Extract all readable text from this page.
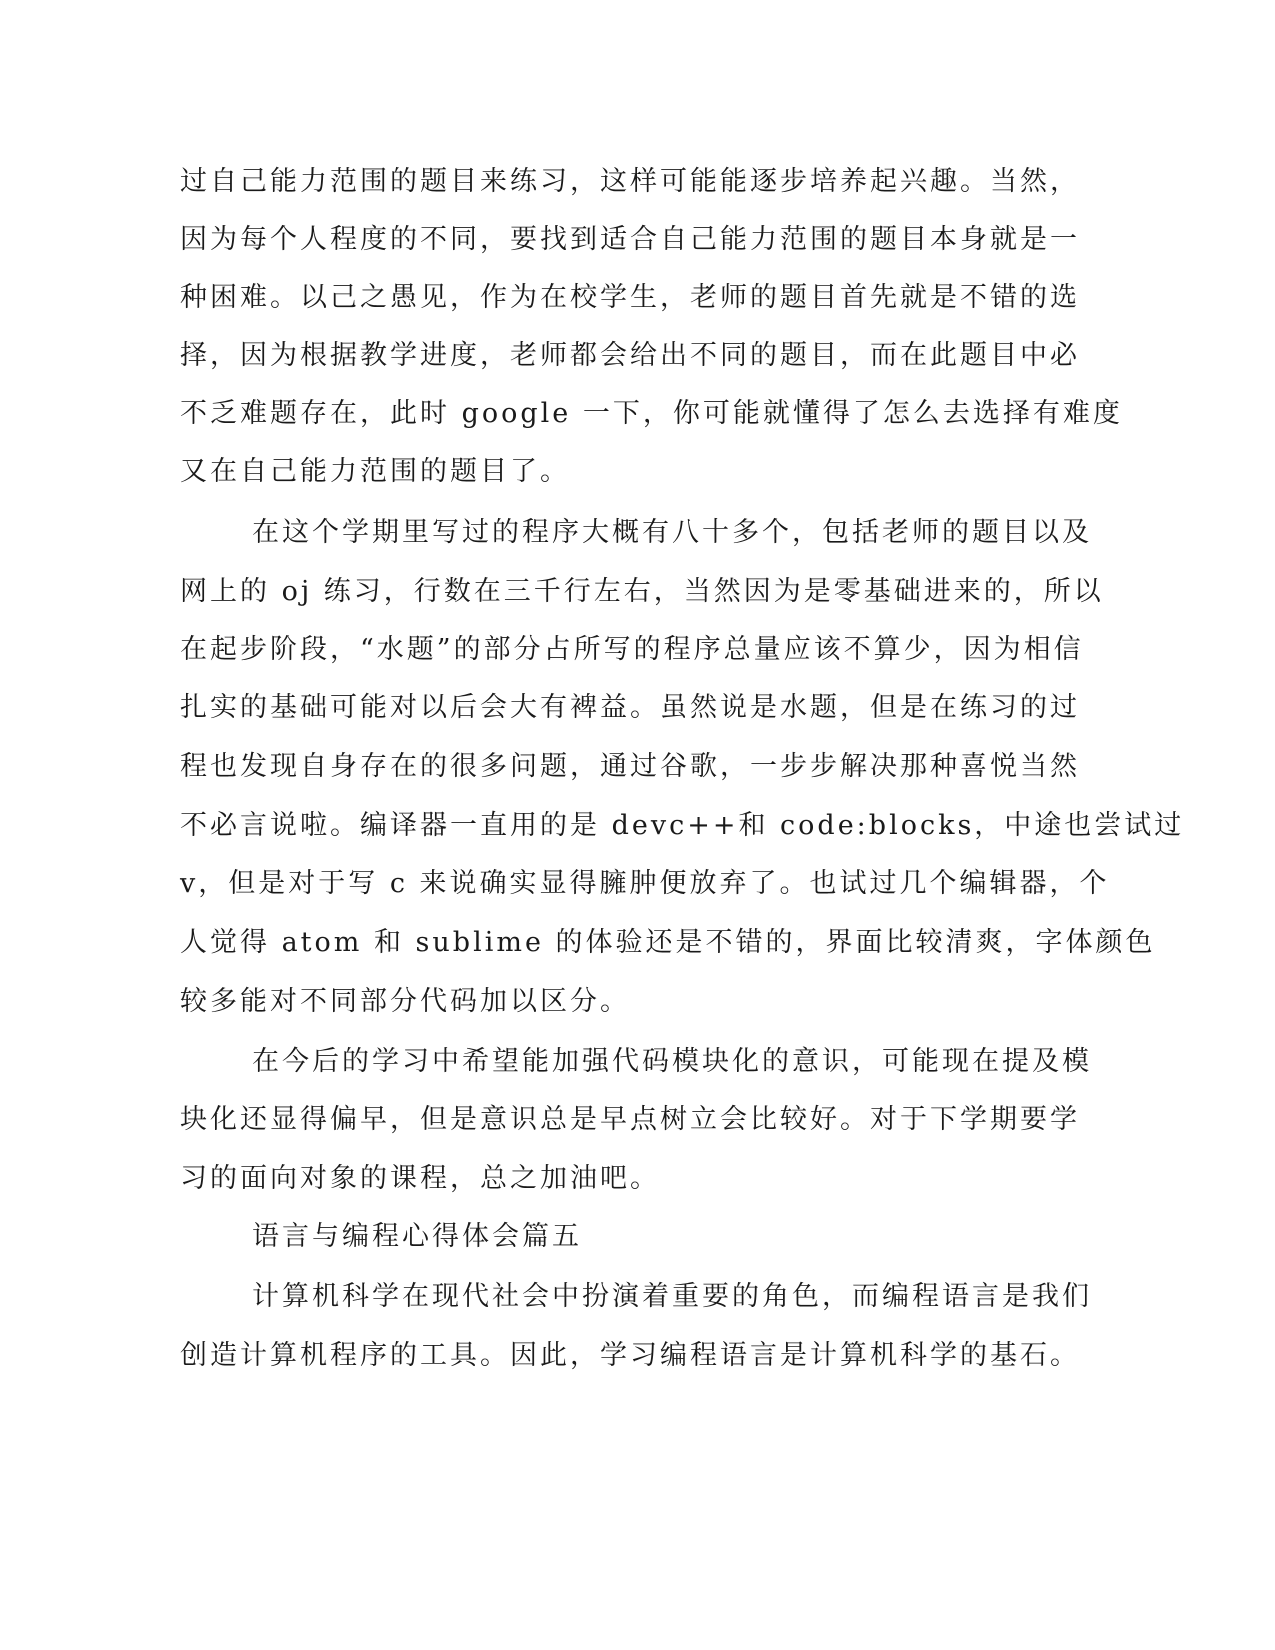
过自己能力范围的题目来练习，这样可能能逐步培养起兴趣。当然，
因为每个人程度的不同，要找到适合自己能力范围的题目本身就是一
种困难。以己之愚见，作为在校学生，老师的题目首先就是不错的选
择，因为根据教学进度，老师都会给出不同的题目，而在此题目中必
不乏难题存在，此时 google 一下，你可能就懂得了怎么去选择有难度
又在自己能力范围的题目了。
在这个学期里写过的程序大概有八十多个，包括老师的题目以及
网上的 oj 练习，行数在三千行左右，当然因为是零基础进来的，所以
在起步阶段，“水题”的部分占所写的程序总量应该不算少，因为相信
扎实的基础可能对以后会大有裨益。虽然说是水题，但是在练习的过
程也发现自身存在的很多问题，通过谷歌，一步步解决那种喜悦当然
不必言说啦。编译器一直用的是 devc++和 code:blocks，中途也尝试过
v，但是对于写 c 来说确实显得臃肿便放弃了。也试过几个编辑器，个
人觉得 atom 和 sublime 的体验还是不错的，界面比较清爽，字体颜色
较多能对不同部分代码加以区分。
在今后的学习中希望能加强代码模块化的意识，可能现在提及模
块化还显得偏早，但是意识总是早点树立会比较好。对于下学期要学
习的面向对象的课程，总之加油吧。
语言与编程心得体会篇五
计算机科学在现代社会中扮演着重要的角色，而编程语言是我们
创造计算机程序的工具。因此，学习编程语言是计算机科学的基石。
